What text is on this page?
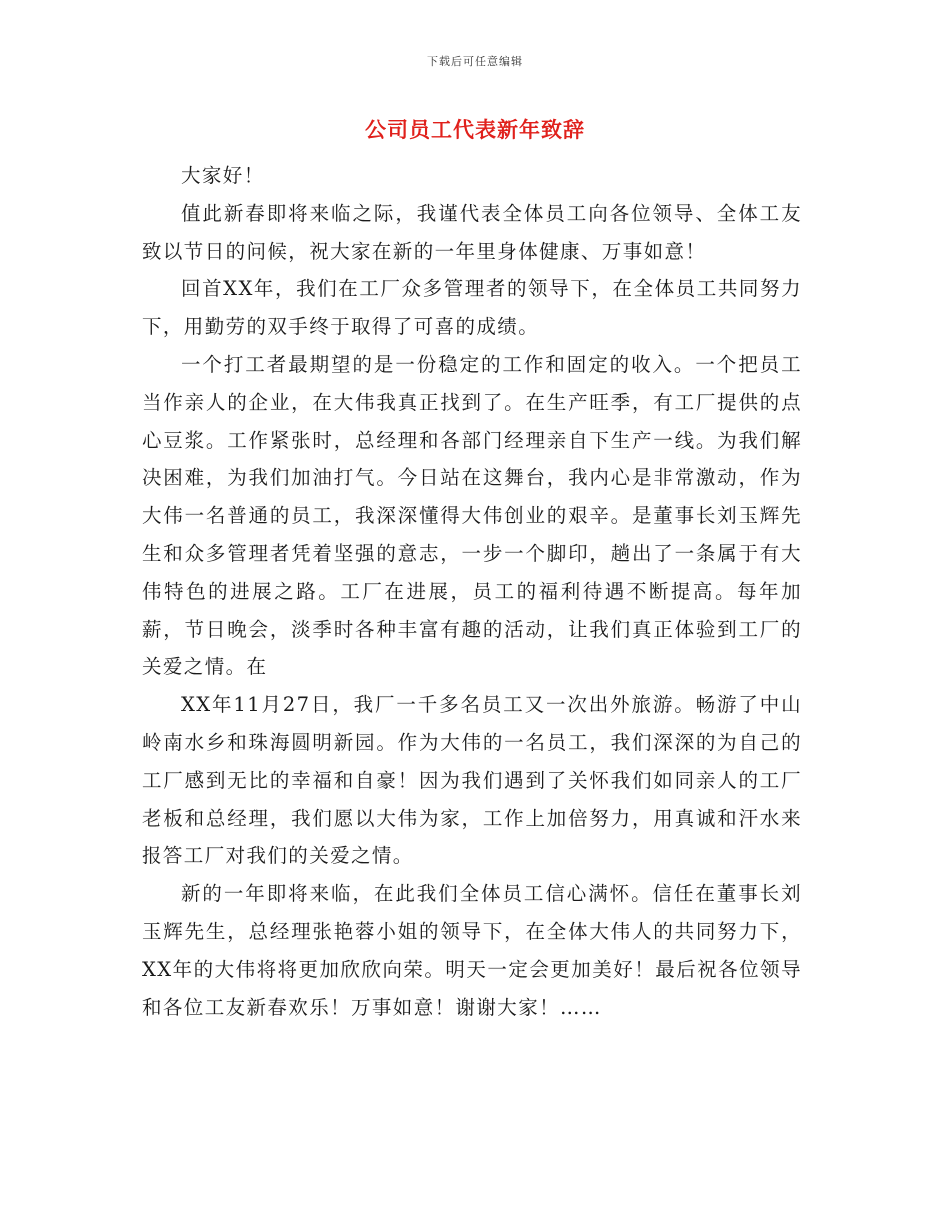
下载后可任意编辑
公司员工代表新年致辞

大家好！

值此新春即将来临之际，我谨代表全体员工向各位领导、全体工友致以节日的问候，祝大家在新的一年里身体健康、万事如意！

回首XX年，我们在工厂众多管理者的领导下，在全体员工共同努力下，用勤劳的双手终于取得了可喜的成绩。

一个打工者最期望的是一份稳定的工作和固定的收入。一个把员工当作亲人的企业，在大伟我真正找到了。在生产旺季，有工厂提供的点心豆浆。工作紧张时，总经理和各部门经理亲自下生产一线。为我们解决困难，为我们加油打气。今日站在这舞台，我内心是非常激动，作为大伟一名普通的员工，我深深懂得大伟创业的艰辛。是董事长刘玉辉先生和众多管理者凭着坚强的意志，一步一个脚印，趟出了一条属于有大伟特色的进展之路。工厂在进展，员工的福利待遇不断提高。每年加薪，节日晚会，淡季时各种丰富有趣的活动，让我们真正体验到工厂的关爱之情。在

XX年11月27日，我厂一千多名员工又一次出外旅游。畅游了中山岭南水乡和珠海圆明新园。作为大伟的一名员工，我们深深的为自己的工厂感到无比的幸福和自豪！因为我们遇到了关怀我们如同亲人的工厂老板和总经理，我们愿以大伟为家，工作上加倍努力，用真诚和汗水来报答工厂对我们的关爱之情。

新的一年即将来临，在此我们全体员工信心满怀。信任在董事长刘玉辉先生，总经理张艳蓉小姐的领导下，在全体大伟人的共同努力下，XX年的大伟将将更加欣欣向荣。明天一定会更加美好！最后祝各位领导和各位工友新春欢乐！万事如意！谢谢大家！……
